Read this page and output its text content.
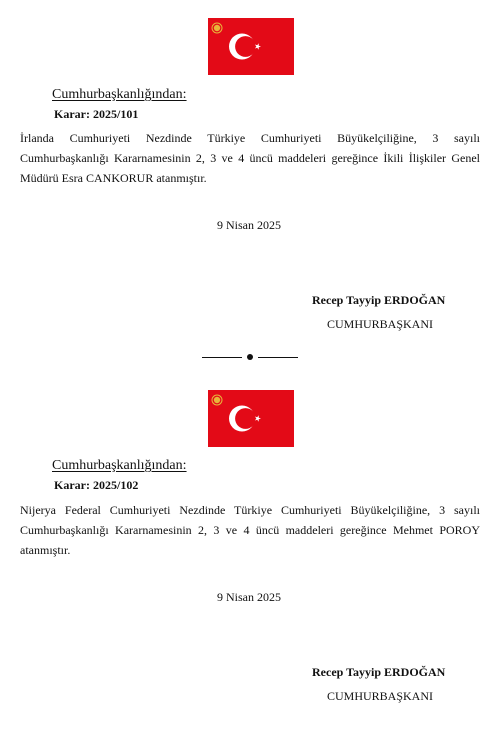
Cumhurbaşkanlığından:
Karar: 2025/101
İrlanda Cumhuriyeti Nezdinde Türkiye Cumhuriyeti Büyükelçiliğine, 3 sayılı Cumhurbaşkanlığı Kararnamesinin 2, 3 ve 4 üncü maddeleri gereğince İkili İlişkiler Genel Müdürü Esra CANKORUR atanmıştır.
9 Nisan 2025
Recep Tayyip ERDOĞAN
CUMHURBAŞKANI
Cumhurbaşkanlığından:
Karar: 2025/102
Nijerya Federal Cumhuriyeti Nezdinde Türkiye Cumhuriyeti Büyükelçiliğine, 3 sayılı Cumhurbaşkanlığı Kararnamesinin 2, 3 ve 4 üncü maddeleri gereğince Mehmet POROY atanmıştır.
9 Nisan 2025
Recep Tayyip ERDOĞAN
CUMHURBAŞKANI
